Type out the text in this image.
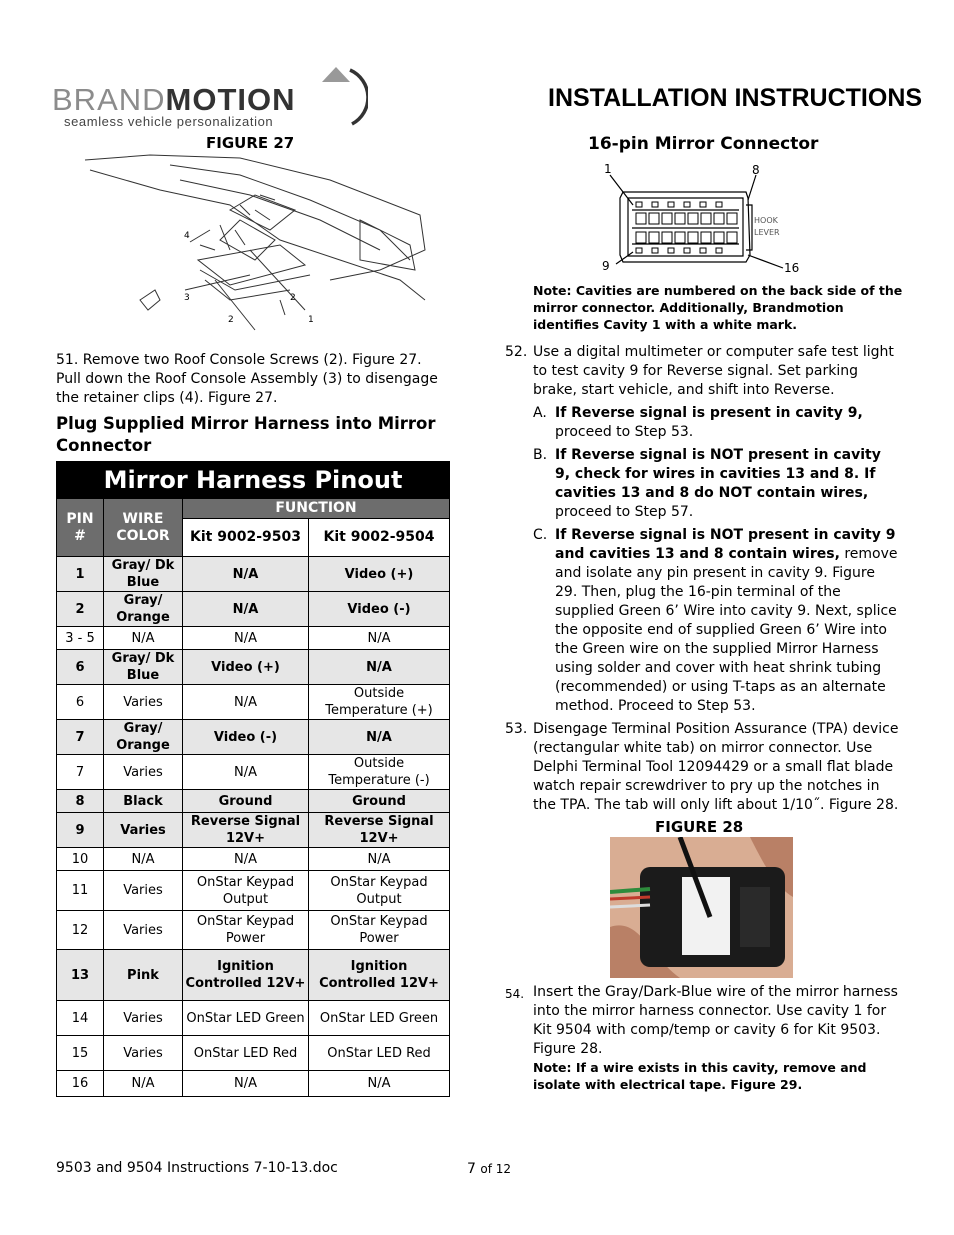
BRANDMOTION
seamless vehicle personalization
INSTALLATION INSTRUCTIONS
FIGURE 27
1
2
2
3
4
51. Remove two Roof Console Screws (2). Figure 27. Pull down the Roof Console Assembly (3) to disengage the retainer clips (4). Figure 27.
Plug Supplied Mirror Harness into Mirror Connector
Mirror Harness Pinout			
PIN #	WIRE COLOR	FUNCTION	
		Kit 9002-9503	Kit 9002-9504
1	Gray/ Dk Blue	N/A	Video (+)
2	Gray/ Orange	N/A	Video (-)
3 - 5	N/A	N/A	N/A
6	Gray/ Dk Blue	Video (+)	N/A
6	Varies	N/A	Outside Temperature (+)
7	Gray/ Orange	Video (-)	N/A
7	Varies	N/A	Outside Temperature (-)
8	Black	Ground	Ground
9	Varies	Reverse Signal 12V+	Reverse Signal 12V+
10	N/A	N/A	N/A
11	Varies	OnStar Keypad Output	OnStar Keypad Output
12	Varies	OnStar Keypad Power	OnStar Keypad Power
13	Pink	Ignition Controlled 12V+	Ignition Controlled 12V+
14	Varies	OnStar LED Green	OnStar LED Green
15	Varies	OnStar LED Red	OnStar LED Red
16	N/A	N/A	N/A
16-pin Mirror Connector
1	8
9	16
HOOK
LEVER
Note: Cavities are numbered on the back side of the mirror connector. Additionally, Brandmotion identifies Cavity 1 with a white mark.
52. Use a digital multimeter or computer safe test light to test cavity 9 for Reverse signal. Set parking brake, start vehicle, and shift into Reverse.
A. If Reverse signal is present in cavity 9, proceed to Step 53.
B. If Reverse signal is NOT present in cavity 9, check for wires in cavities 13 and 8. If cavities 13 and 8 do NOT contain wires, proceed to Step 57.
C. If Reverse signal is NOT present in cavity 9 and cavities 13 and 8 contain wires, remove and isolate any pin present in cavity 9. Figure 29. Then, plug the 16-pin terminal of the supplied Green 6’ Wire into cavity 9. Next, splice the opposite end of supplied Green 6’ Wire into the Green wire on the supplied Mirror Harness using solder and cover with heat shrink tubing (recommended) or using T-taps as an alternate method. Proceed to Step 53.
53. Disengage Terminal Position Assurance (TPA) device (rectangular white tab) on mirror connector. Use Delphi Terminal Tool 12094429 or a small flat blade watch repair screwdriver to pry up the notches in the TPA. The tab will only lift about 1/10˝. Figure 28.
FIGURE 28
54. Insert the Gray/Dark-Blue wire of the mirror harness into the mirror harness connector. Use cavity 1 for Kit 9504 with comp/temp or cavity 6 for Kit 9503. Figure 28.
Note: If a wire exists in this cavity, remove and isolate with electrical tape. Figure 29.
9503 and 9504 Instructions 7-10-13.doc	7 of 12
